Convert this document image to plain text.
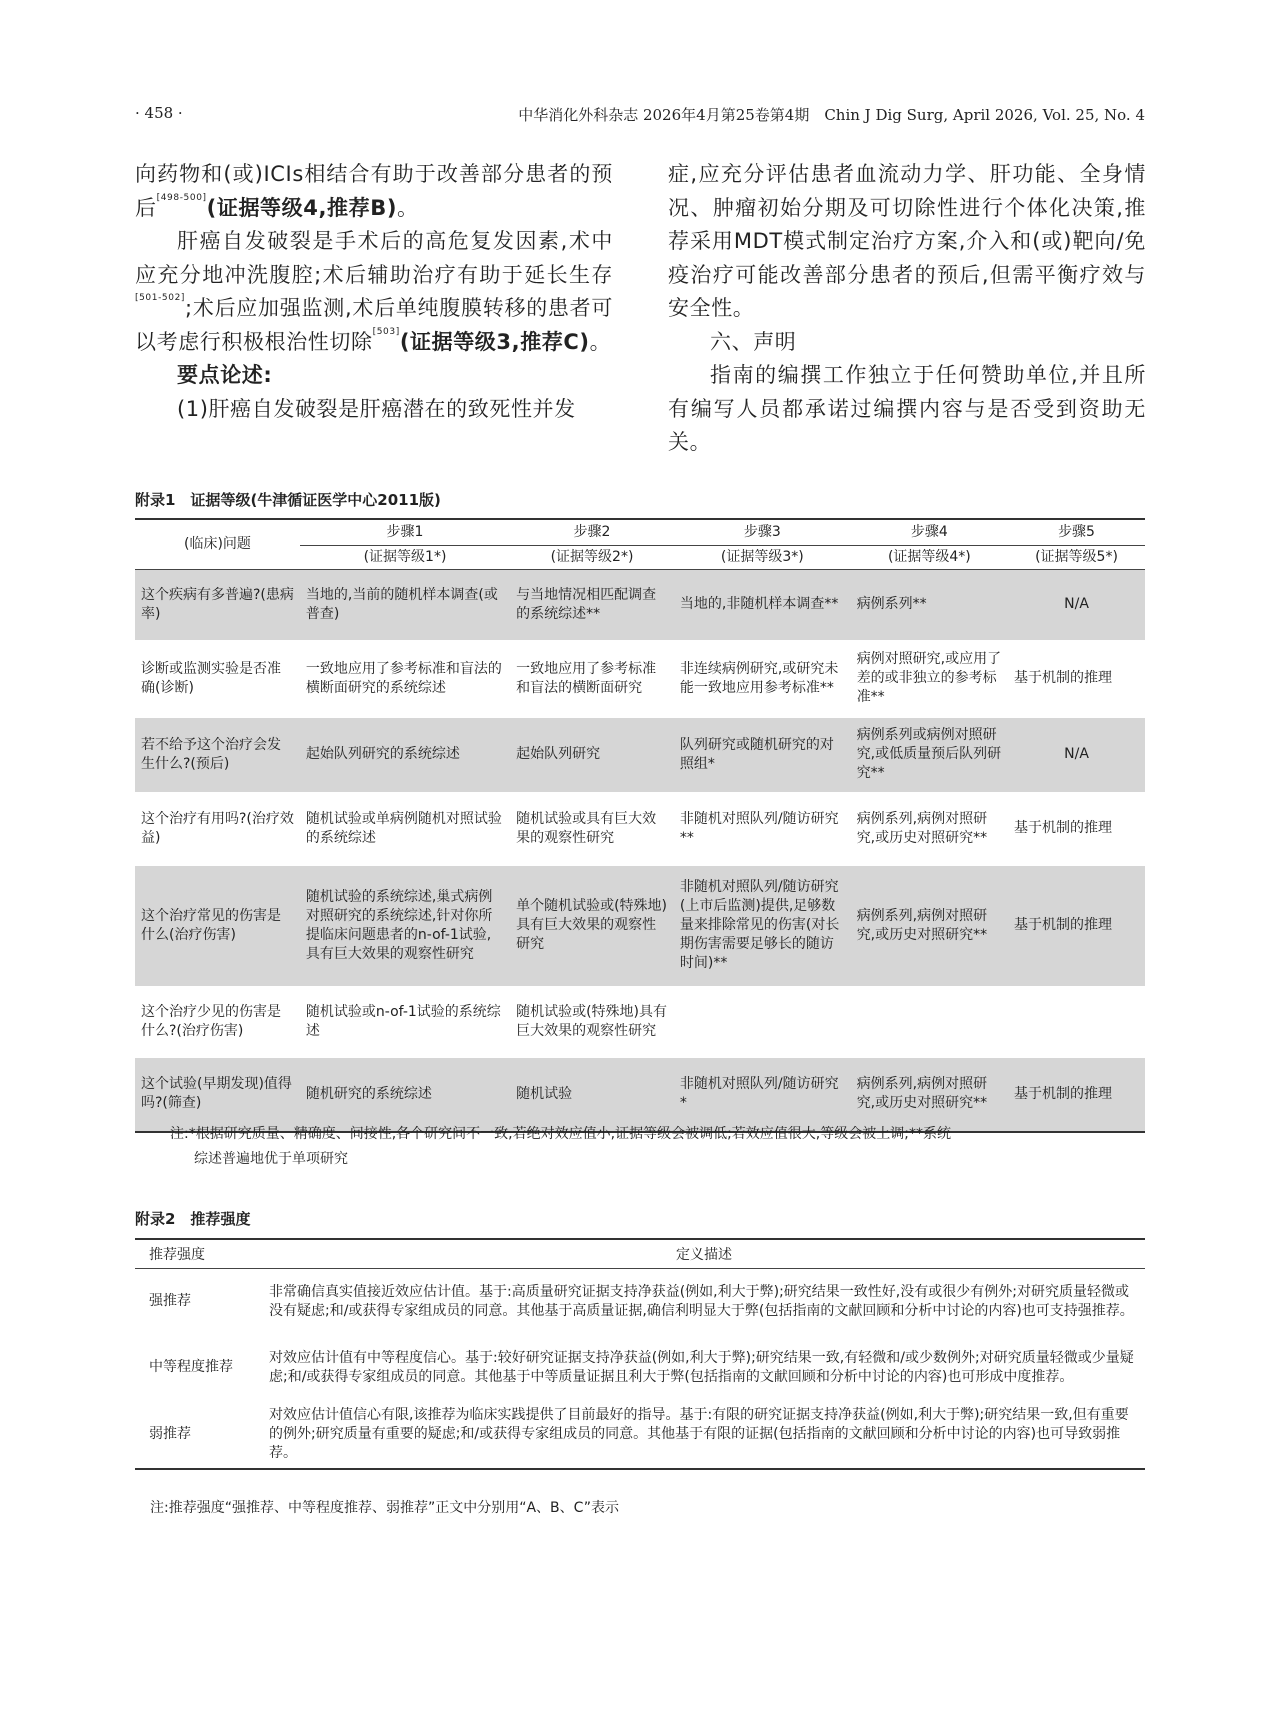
· 458 ·	中华消化外科杂志 2026年4月第25卷第4期　Chin J Dig Surg, April 2026, Vol. 25, No. 4

向药物和(或)ICIs相结合有助于改善部分患者的预后[498-500](证据等级4,推荐B)。

肝癌自发破裂是手术后的高危复发因素,术中应充分地冲洗腹腔;术后辅助治疗有助于延长生存[501-502];术后应加强监测,术后单纯腹膜转移的患者可以考虑行积极根治性切除[503](证据等级3,推荐C)。

要点论述:

(1)肝癌自发破裂是肝癌潜在的致死性并发

症,应充分评估患者血流动力学、肝功能、全身情况、肿瘤初始分期及可切除性进行个体化决策,推荐采用MDT模式制定治疗方案,介入和(或)靶向/免疫治疗可能改善部分患者的预后,但需平衡疗效与安全性。

六、声明

指南的编撰工作独立于任何赞助单位,并且所有编写人员都承诺过编撰内容与是否受到资助无关。

附录1　证据等级(牛津循证医学中心2011版)
(临床)问题	步骤1	步骤2	步骤3	步骤4	步骤5
	(证据等级1*)	(证据等级2*)	(证据等级3*)	(证据等级4*)	(证据等级5*)
这个疾病有多普遍?(患病率)	当地的,当前的随机样本调查(或普查)	与当地情况相匹配调查的系统综述**	当地的,非随机样本调查**	病例系列**	N/A
诊断或监测实验是否准确(诊断)	一致地应用了参考标准和盲法的横断面研究的系统综述	一致地应用了参考标准和盲法的横断面研究	非连续病例研究,或研究未能一致地应用参考标准**	病例对照研究,或应用了差的或非独立的参考标准**	基于机制的推理
若不给予这个治疗会发生什么?(预后)	起始队列研究的系统综述	起始队列研究	队列研究或随机研究的对照组*	病例系列或病例对照研究,或低质量预后队列研究**	N/A
这个治疗有用吗?(治疗效益)	随机试验或单病例随机对照试验的系统综述	随机试验或具有巨大效果的观察性研究	非随机对照队列/随访研究**	病例系列,病例对照研究,或历史对照研究**	基于机制的推理
这个治疗常见的伤害是什么(治疗伤害)	随机试验的系统综述,巢式病例对照研究的系统综述,针对你所提临床问题患者的n-of-1试验,具有巨大效果的观察性研究	单个随机试验或(特殊地)具有巨大效果的观察性研究	非随机对照队列/随访研究(上市后监测)提供,足够数量来排除常见的伤害(对长期伤害需要足够长的随访时间)**	病例系列,病例对照研究,或历史对照研究**	基于机制的推理
这个治疗少见的伤害是什么?(治疗伤害)	随机试验或n-of-1试验的系统综述	随机试验或(特殊地)具有巨大效果的观察性研究			
这个试验(早期发现)值得吗?(筛查)	随机研究的系统综述	随机试验	非随机对照队列/随访研究*	病例系列,病例对照研究,或历史对照研究**	基于机制的推理
注:*根据研究质量、精确度、间接性,各个研究间不一致,若绝对效应值小,证据等级会被调低;若效应值很大,等级会被上调;**系统
综述普遍地优于单项研究
附录2　推荐强度
推荐强度	定义描述
强推荐	非常确信真实值接近效应估计值。基于:高质量研究证据支持净获益(例如,利大于弊);研究结果一致性好,没有或很少有例外;对研究质量轻微或没有疑虑;和/或获得专家组成员的同意。其他基于高质量证据,确信利明显大于弊(包括指南的文献回顾和分析中讨论的内容)也可支持强推荐。
中等程度推荐	对效应估计值有中等程度信心。基于:较好研究证据支持净获益(例如,利大于弊);研究结果一致,有轻微和/或少数例外;对研究质量轻微或少量疑虑;和/或获得专家组成员的同意。其他基于中等质量证据且利大于弊(包括指南的文献回顾和分析中讨论的内容)也可形成中度推荐。
弱推荐	对效应估计值信心有限,该推荐为临床实践提供了目前最好的指导。基于:有限的研究证据支持净获益(例如,利大于弊);研究结果一致,但有重要的例外;研究质量有重要的疑虑;和/或获得专家组成员的同意。其他基于有限的证据(包括指南的文献回顾和分析中讨论的内容)也可导致弱推荐。
注:推荐强度“强推荐、中等程度推荐、弱推荐”正文中分别用“A、B、C”表示
